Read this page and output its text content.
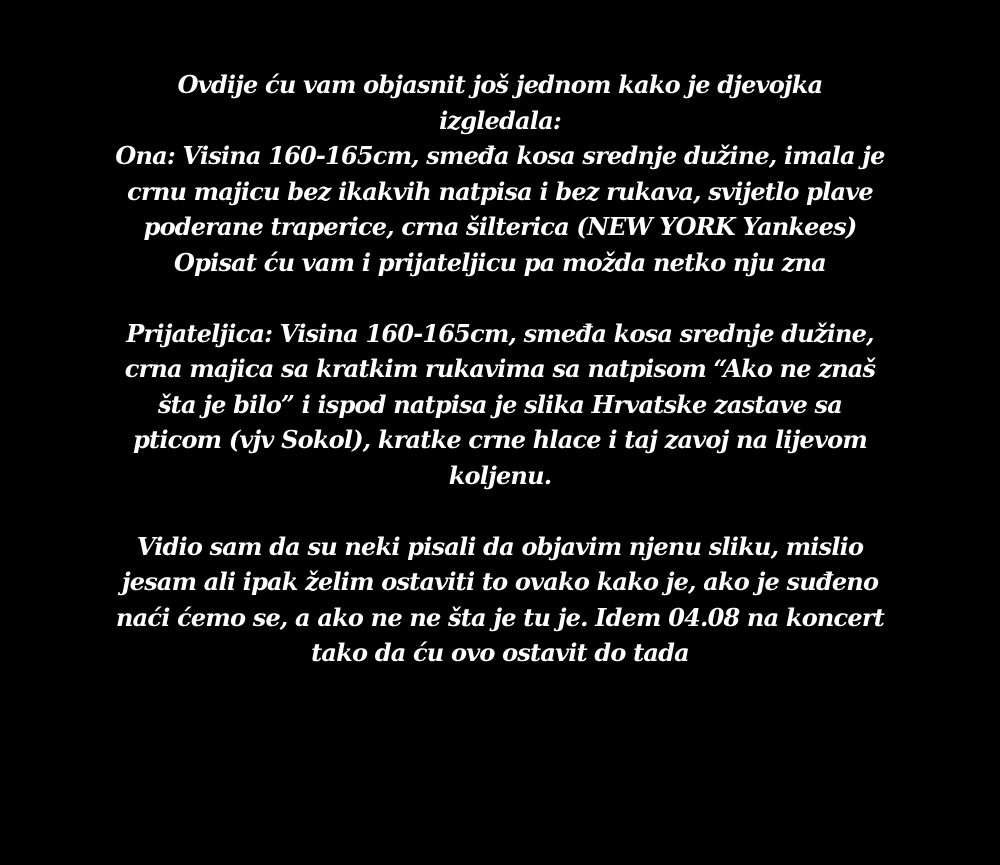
Ovdije ću vam objasnit još jednom kako je djevojka
izgledala:
Ona: Visina 160-165cm, smeđa kosa srednje dužine, imala je
crnu majicu bez ikakvih natpisa i bez rukava, svijetlo plave
poderane traperice, crna šilterica (NEW YORK Yankees)
Opisat ću vam i prijateljicu pa možda netko nju zna
Prijateljica: Visina 160-165cm, smeđa kosa srednje dužine,
crna majica sa kratkim rukavima sa natpisom “Ako ne znaš
šta je bilo” i ispod natpisa je slika Hrvatske zastave sa
pticom (vjv Sokol), kratke crne hlace i taj zavoj na lijevom
koljenu.
Vidio sam da su neki pisali da objavim njenu sliku, mislio
jesam ali ipak želim ostaviti to ovako kako je, ako je suđeno
naći ćemo se, a ako ne ne šta je tu je. Idem 04.08 na koncert
tako da ću ovo ostavit do tada
